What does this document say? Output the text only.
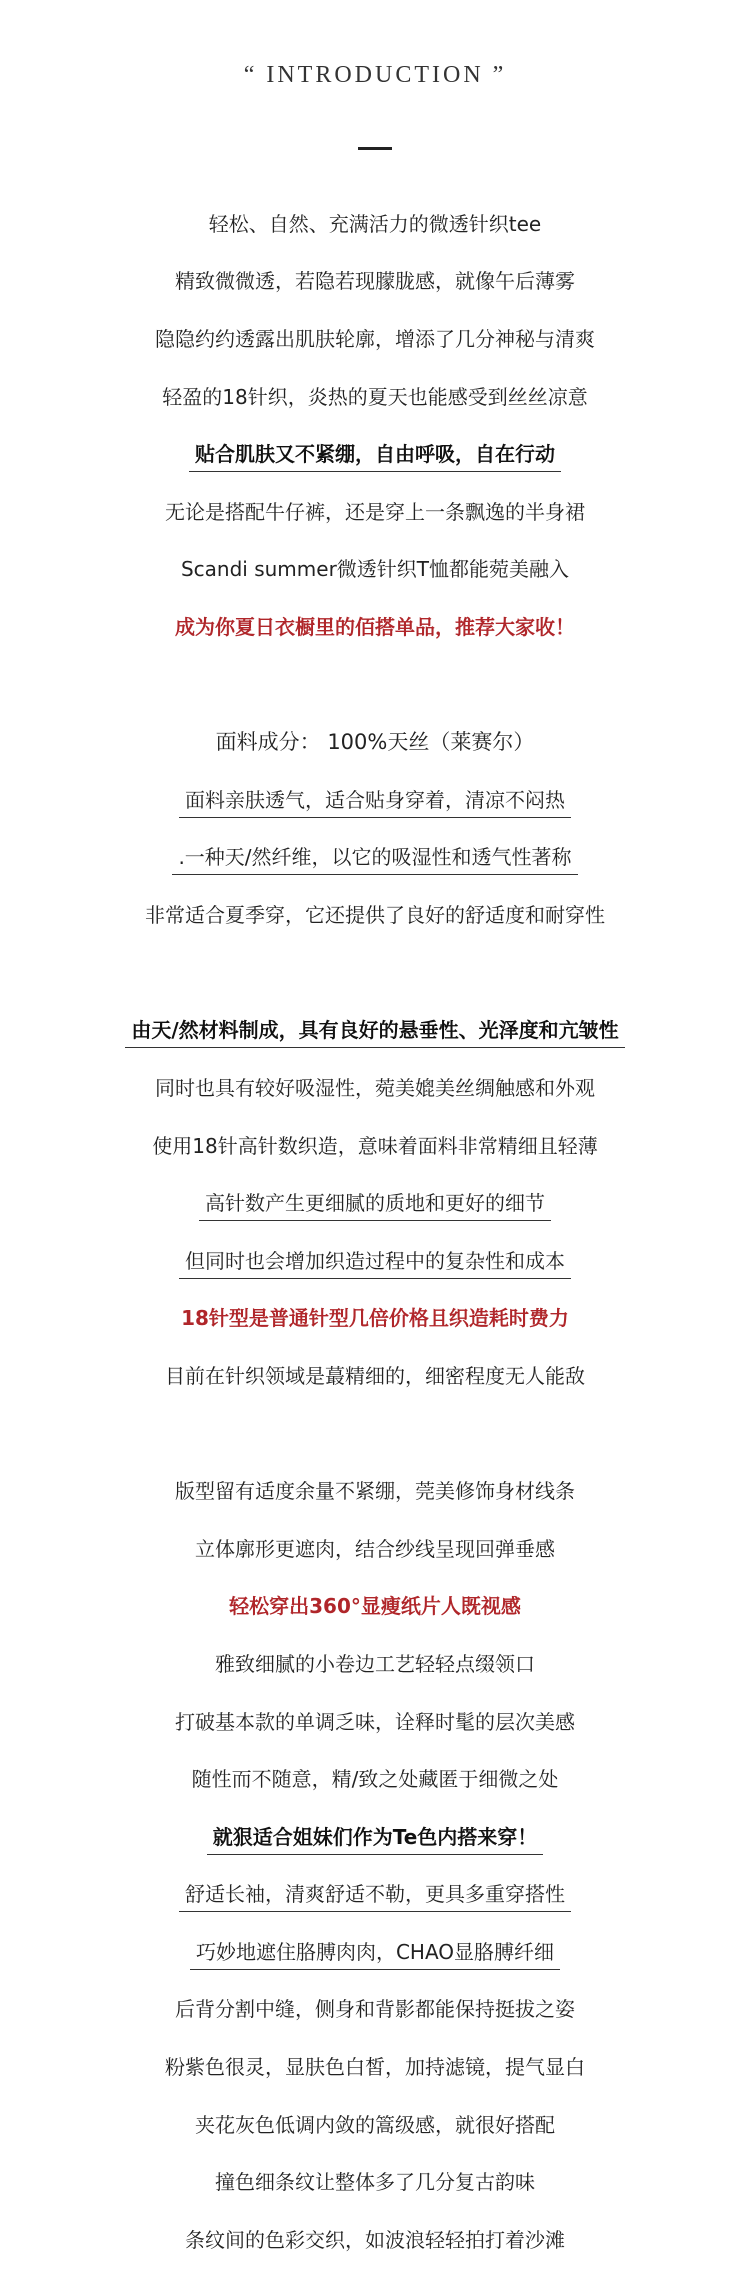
“ INTRODUCTION ”
轻松、自然、充满活力的微透针织tee
精致微微透，若隐若现朦胧感，就像午后薄雾
隐隐约约透露出肌肤轮廓，增添了几分神秘与清爽
轻盈的18针织，炎热的夏天也能感受到丝丝凉意
贴合肌肤又不紧绷，自由呼吸，自在行动
无论是搭配牛仔裤，还是穿上一条飘逸的半身裙
Scandi summer微透针织T恤都能菀美融入
成为你夏日衣橱里的佰搭单品，推荐大家收！
面料成分： 100%天丝（莱赛尔）
面料亲肤透气，适合贴身穿着，清凉不闷热
.一种天/然纤维，以它的吸湿性和透气性著称
非常适合夏季穿，它还提供了良好的舒适度和耐穿性
由天/然材料制成，具有良好的悬垂性、光泽度和亢皱性
同时也具有较好吸湿性，菀美媲美丝绸触感和外观
使用18针高针数织造，意味着面料非常精细且轻薄
高针数产生更细腻的质地和更好的细节
但同时也会增加织造过程中的复杂性和成本
18针型是普通针型几倍价格且织造耗时费力
目前在针织领域是蕞精细的，细密程度无人能敌
版型留有适度余量不紧绷，莞美修饰身材线条
立体廓形更遮肉，结合纱线呈现回弹垂感
轻松穿出360°显瘦纸片人既视感
雅致细腻的小卷边工艺轻轻点缀领口
打破基本款的单调乏味，诠释时髦的层次美感
随性而不随意，精/致之处藏匿于细微之处
就狠适合姐妹们作为Te色内搭来穿！
舒适长袖，清爽舒适不勒，更具多重穿搭性
巧妙地遮住胳膊肉肉，CHAO显胳膊纤细
后背分割中缝，侧身和背影都能保持挺拔之姿
粉紫色很灵，显肤色白皙，加持滤镜，提气显白
夹花灰色低调内敛的篙级感，就很好搭配
撞色细条纹让整体多了几分复古韵味
条纹间的色彩交织，如波浪轻轻拍打着沙滩
